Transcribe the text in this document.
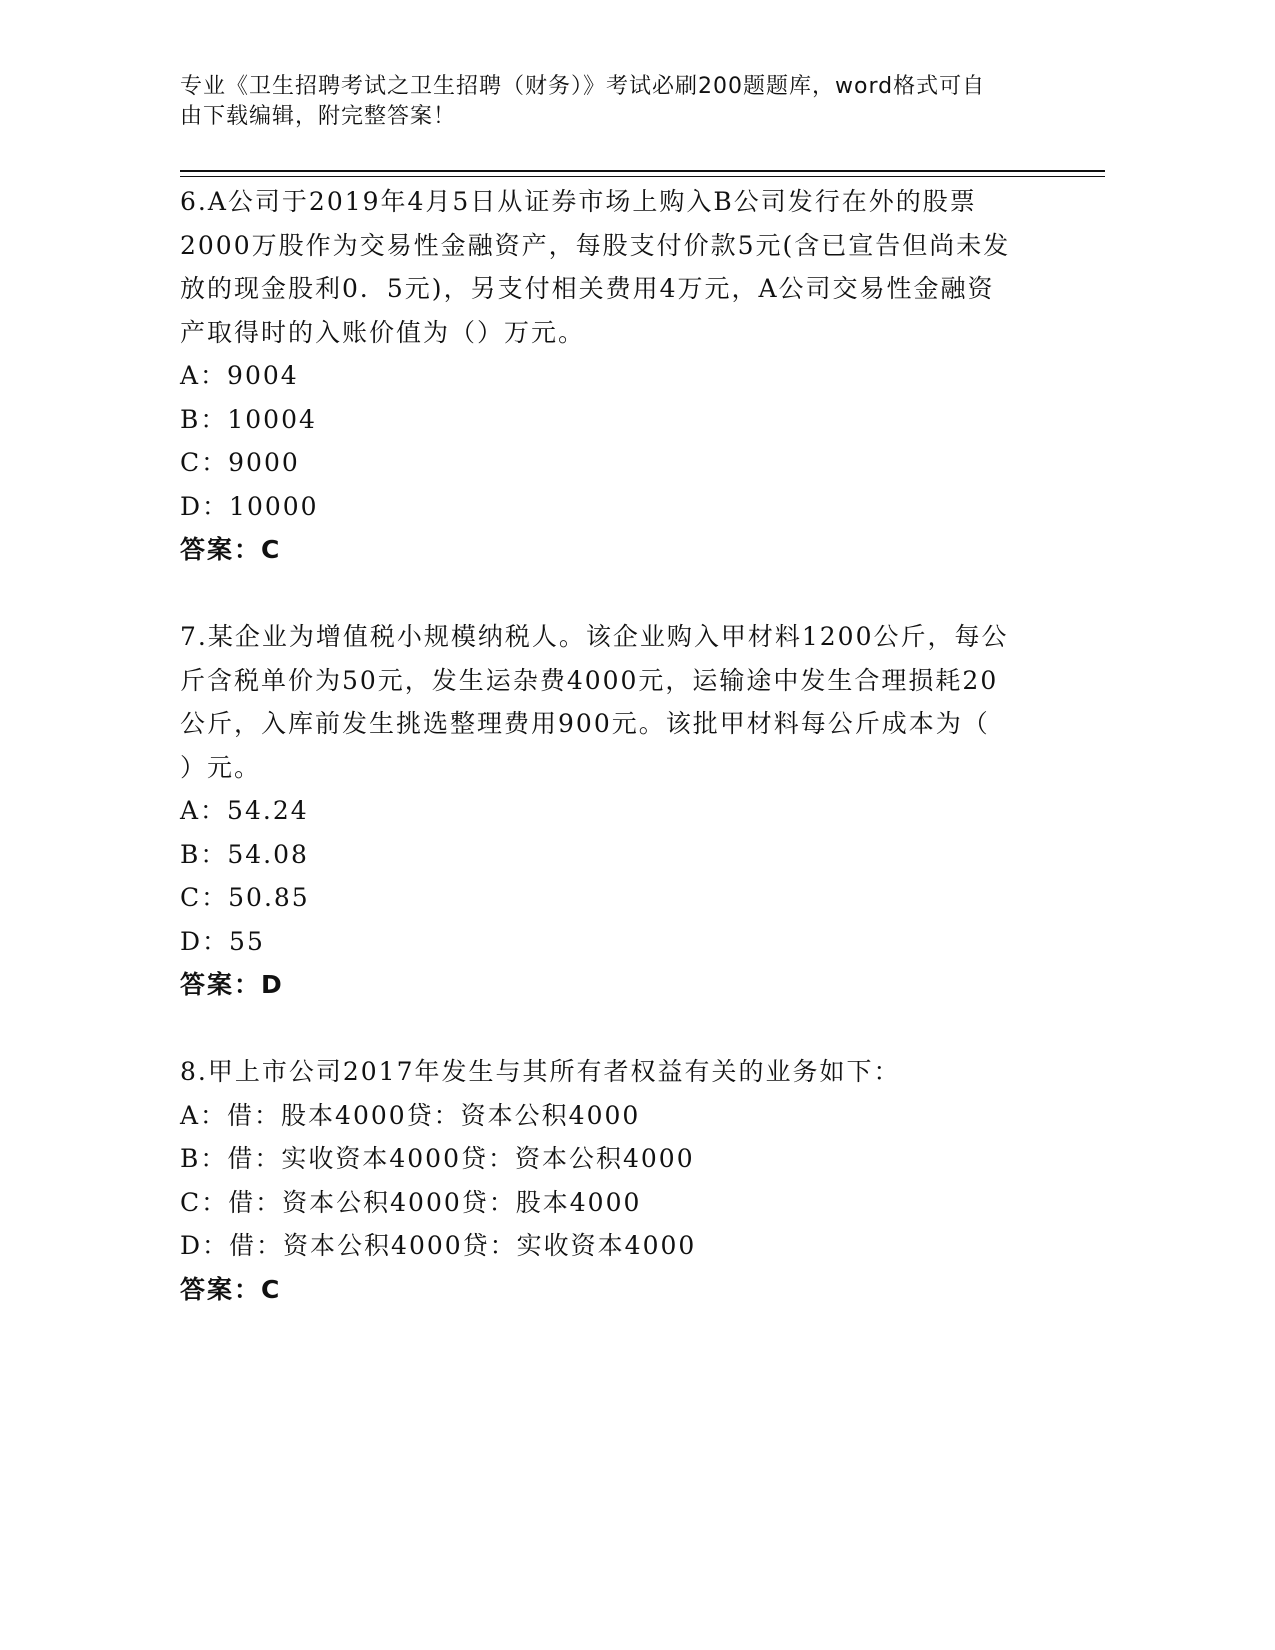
专业《卫生招聘考试之卫生招聘（财务）》考试必刷200题题库，word格式可自
由下载编辑，附完整答案！
6.A公司于2019年4月5日从证券市场上购入B公司发行在外的股票
2000万股作为交易性金融资产，每股支付价款5元(含已宣告但尚未发
放的现金股利0．5元)，另支付相关费用4万元，A公司交易性金融资
产取得时的入账价值为（）万元。
A：9004
B：10004
C：9000
D：10000
答案：C
7.某企业为增值税小规模纳税人。该企业购入甲材料1200公斤，每公
斤含税单价为50元，发生运杂费4000元，运输途中发生合理损耗20
公斤，入库前发生挑选整理费用900元。该批甲材料每公斤成本为（
）元。
A：54.24
B：54.08
C：50.85
D：55
答案：D
8.甲上市公司2017年发生与其所有者权益有关的业务如下：
A：借：股本4000贷：资本公积4000
B：借：实收资本4000贷：资本公积4000
C：借：资本公积4000贷：股本4000
D：借：资本公积4000贷：实收资本4000
答案：C
